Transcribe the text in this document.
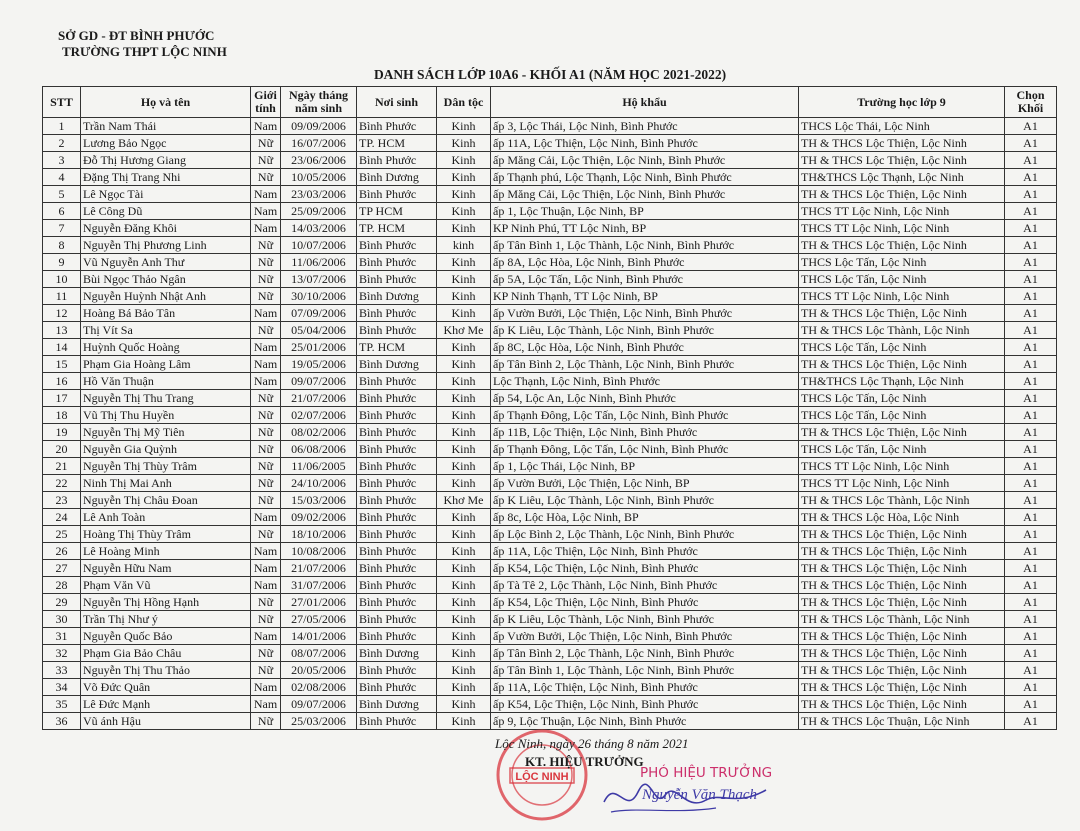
SỞ GD - ĐT BÌNH PHƯỚC
TRƯỜNG THPT LỘC NINH
DANH SÁCH LỚP 10A6 - KHỐI A1 (NĂM HỌC 2021-2022)
STT	Họ và tên	Giới tính	Ngày tháng năm sinh	Nơi sinh	Dân tộc	Hộ khẩu	Trường học lớp 9	Chọn Khối
1	Trần Nam Thái	Nam	09/09/2006	Bình Phước	Kinh	ấp 3, Lộc Thái, Lộc Ninh, Bình Phước	THCS Lộc Thái, Lộc Ninh	A1
2	Lương Bảo Ngọc	Nữ	16/07/2006	TP. HCM	Kinh	ấp 11A, Lộc Thiện, Lộc Ninh, Bình Phước	TH & THCS Lộc Thiện, Lộc Ninh	A1
3	Đỗ Thị Hương Giang	Nữ	23/06/2006	Bình Phước	Kinh	ấp Măng Cải, Lộc Thiện, Lộc Ninh, Bình Phước	TH & THCS Lộc Thiện, Lộc Ninh	A1
4	Đặng Thị Trang Nhi	Nữ	10/05/2006	Bình Dương	Kinh	ấp Thạnh phú, Lộc Thạnh, Lộc Ninh, Bình Phước	TH&THCS Lộc Thạnh, Lộc Ninh	A1
5	Lê Ngọc Tài	Nam	23/03/2006	Bình Phước	Kinh	ấp Măng Cải, Lộc Thiện, Lộc Ninh, Bình Phước	TH & THCS Lộc Thiện, Lộc Ninh	A1
6	Lê Công Dũ	Nam	25/09/2006	TP HCM	Kinh	ấp 1, Lộc Thuận, Lộc Ninh, BP	THCS TT Lộc Ninh, Lộc Ninh	A1
7	Nguyễn Đăng Khôi	Nam	14/03/2006	TP. HCM	Kinh	KP Ninh Phú, TT Lộc Ninh, BP	THCS TT Lộc Ninh, Lộc Ninh	A1
8	Nguyễn Thị Phương Linh	Nữ	10/07/2006	Bình Phước	kinh	ấp Tân Bình 1, Lộc Thành, Lộc Ninh, Bình Phước	TH & THCS Lộc Thiện, Lộc Ninh	A1
9	Vũ Nguyễn Anh Thư	Nữ	11/06/2006	Bình Phước	Kinh	ấp 8A, Lộc Hòa, Lộc Ninh, Bình Phước	THCS Lộc Tấn, Lộc Ninh	A1
10	Bùi Ngọc Thảo Ngân	Nữ	13/07/2006	Bình Phước	Kinh	ấp 5A, Lộc Tấn, Lộc Ninh, Bình Phước	THCS Lộc Tấn, Lộc Ninh	A1
11	Nguyễn Huỳnh Nhật Anh	Nữ	30/10/2006	Bình Dương	Kinh	KP Ninh Thạnh, TT Lộc Ninh, BP	THCS TT Lộc Ninh, Lộc Ninh	A1
12	Hoàng Bá Bảo Tân	Nam	07/09/2006	Bình Phước	Kinh	ấp Vườn Bưởi, Lộc Thiện, Lộc Ninh, Bình Phước	TH & THCS Lộc Thiện, Lộc Ninh	A1
13	Thị Vít Sa	Nữ	05/04/2006	Bình Phước	Khơ Me	ấp K Liêu, Lộc Thành, Lộc Ninh, Bình Phước	TH & THCS Lộc Thành, Lộc Ninh	A1
14	Huỳnh Quốc Hoàng	Nam	25/01/2006	TP. HCM	Kinh	ấp 8C, Lộc Hòa, Lộc Ninh, Bình Phước	THCS Lộc Tấn, Lộc Ninh	A1
15	Phạm Gia Hoàng Lâm	Nam	19/05/2006	Bình Dương	Kinh	ấp Tân Bình 2, Lộc Thành, Lộc Ninh, Bình Phước	TH & THCS Lộc Thiện, Lộc Ninh	A1
16	Hồ Văn Thuận	Nam	09/07/2006	Bình Phước	Kinh	Lộc Thạnh, Lộc Ninh, Bình Phước	TH&THCS Lộc Thạnh, Lộc Ninh	A1
17	Nguyễn Thị Thu Trang	Nữ	21/07/2006	Bình Phước	Kinh	ấp 54, Lộc An, Lộc Ninh, Bình Phước	THCS Lộc Tấn, Lộc Ninh	A1
18	Vũ Thị Thu Huyền	Nữ	02/07/2006	Bình Phước	Kinh	ấp Thạnh Đông, Lộc Tấn, Lộc Ninh, Bình Phước	THCS Lộc Tấn, Lộc Ninh	A1
19	Nguyễn Thị Mỹ Tiên	Nữ	08/02/2006	Bình Phước	Kinh	ấp 11B, Lộc Thiện, Lộc Ninh, Bình Phước	TH & THCS Lộc Thiện, Lộc Ninh	A1
20	Nguyễn Gia Quỳnh	Nữ	06/08/2006	Bình Phước	Kinh	ấp Thạnh Đông, Lộc Tấn, Lộc Ninh, Bình Phước	THCS Lộc Tấn, Lộc Ninh	A1
21	Nguyễn Thị Thùy Trâm	Nữ	11/06/2005	Bình Phước	Kinh	ấp 1, Lộc Thái, Lộc Ninh, BP	THCS TT Lộc Ninh, Lộc Ninh	A1
22	Ninh Thị Mai Anh	Nữ	24/10/2006	Bình Phước	Kinh	ấp Vườn Bưởi, Lộc Thiện, Lộc Ninh, BP	THCS TT Lộc Ninh, Lộc Ninh	A1
23	Nguyễn Thị Châu Đoan	Nữ	15/03/2006	Bình Phước	Khơ Me	ấp K Liêu, Lộc Thành, Lộc Ninh, Bình Phước	TH & THCS Lộc Thành, Lộc Ninh	A1
24	Lê Anh Toàn	Nam	09/02/2006	Bình Phước	Kinh	ấp 8c, Lộc Hòa, Lộc Ninh, BP	TH & THCS Lộc Hòa, Lộc Ninh	A1
25	Hoàng Thị Thùy Trâm	Nữ	18/10/2006	Bình Phước	Kinh	ấp Lộc Bình 2, Lộc Thành, Lộc Ninh, Bình Phước	TH & THCS Lộc Thiện, Lộc Ninh	A1
26	Lê Hoàng Minh	Nam	10/08/2006	Bình Phước	Kinh	ấp 11A, Lộc Thiện, Lộc Ninh, Bình Phước	TH & THCS Lộc Thiện, Lộc Ninh	A1
27	Nguyễn Hữu Nam	Nam	21/07/2006	Bình Phước	Kinh	ấp K54, Lộc Thiện, Lộc Ninh, Bình Phước	TH & THCS Lộc Thiện, Lộc Ninh	A1
28	Phạm Văn Vũ	Nam	31/07/2006	Bình Phước	Kinh	ấp Tà Tê 2, Lộc Thành, Lộc Ninh, Bình Phước	TH & THCS Lộc Thiện, Lộc Ninh	A1
29	Nguyễn Thị Hồng Hạnh	Nữ	27/01/2006	Bình Phước	Kinh	ấp K54, Lộc Thiện, Lộc Ninh, Bình Phước	TH & THCS Lộc Thiện, Lộc Ninh	A1
30	Trần Thị Như ý	Nữ	27/05/2006	Bình Phước	Kinh	ấp K Liêu, Lộc Thành, Lộc Ninh, Bình Phước	TH & THCS Lộc Thành, Lộc Ninh	A1
31	Nguyễn Quốc Bảo	Nam	14/01/2006	Bình Phước	Kinh	ấp Vườn Bưởi, Lộc Thiện, Lộc Ninh, Bình Phước	TH & THCS Lộc Thiện, Lộc Ninh	A1
32	Phạm Gia Bảo Châu	Nữ	08/07/2006	Bình Dương	Kinh	ấp Tân Bình 2, Lộc Thành, Lộc Ninh, Bình Phước	TH & THCS Lộc Thiện, Lộc Ninh	A1
33	Nguyễn Thị Thu Thảo	Nữ	20/05/2006	Bình Phước	Kinh	ấp Tân Bình 1, Lộc Thành, Lộc Ninh, Bình Phước	TH & THCS Lộc Thiện, Lộc Ninh	A1
34	Võ Đức Quân	Nam	02/08/2006	Bình Phước	Kinh	ấp 11A, Lộc Thiện, Lộc Ninh, Bình Phước	TH & THCS Lộc Thiện, Lộc Ninh	A1
35	Lê Đức Mạnh	Nam	09/07/2006	Bình Dương	Kinh	ấp K54, Lộc Thiện, Lộc Ninh, Bình Phước	TH & THCS Lộc Thiện, Lộc Ninh	A1
36	Vũ ánh Hậu	Nữ	25/03/2006	Bình Phước	Kinh	ấp 9, Lộc Thuận, Lộc Ninh, Bình Phước	TH & THCS Lộc Thuận, Lộc Ninh	A1
LỘC NINH
Lộc Ninh, ngày 26 tháng 8 năm 2021
KT. HIỆU TRƯỞNG
PHÓ HIỆU TRƯỞNG
Nguyễn Văn Thạch
